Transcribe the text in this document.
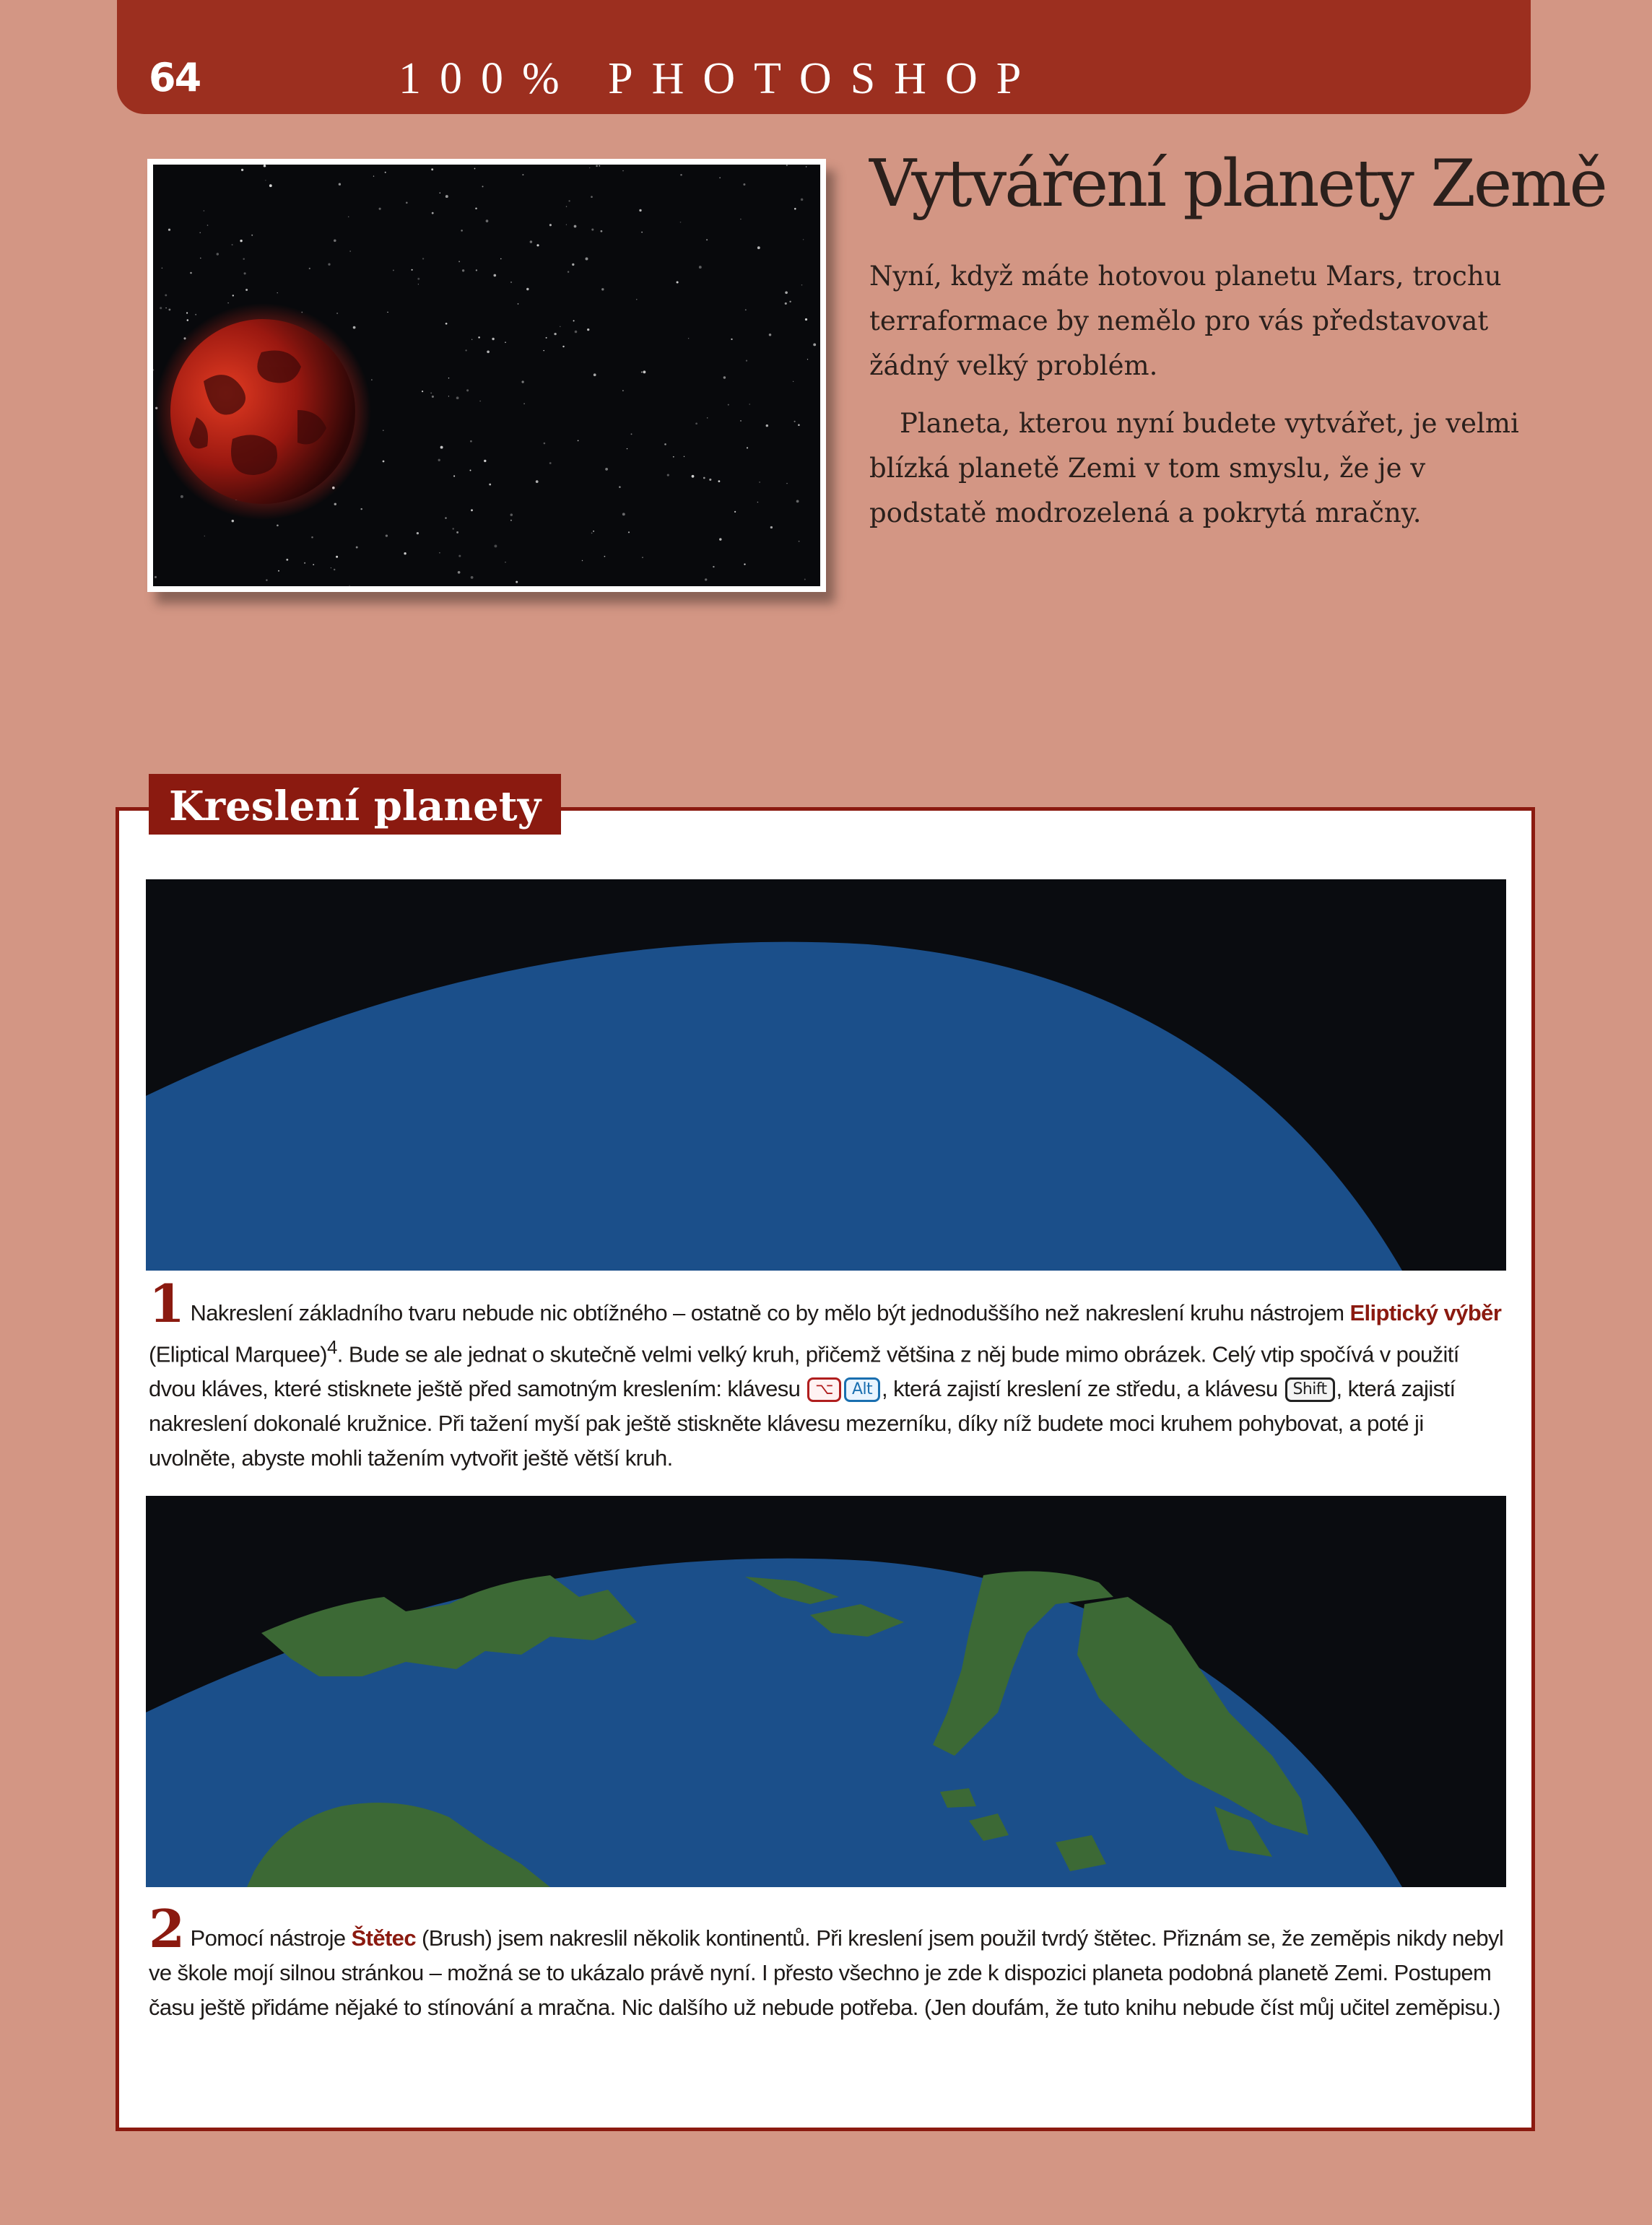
64	100% PHOTOSHOP
Vytváření planety Země

Nyní, když máte hotovou planetu Mars, trochu terraformace by nemělo pro vás představovat žádný velký problém.

Planeta, kterou nyní budete vytvářet, je velmi blízká planetě Zemi v tom smyslu, že je v podstatě modrozelená a pokrytá mračny.

Kreslení planety
1 Nakreslení základního tvaru nebude nic obtížného – ostatně co by mělo být jednoduššího než nakreslení kruhu nástrojem Eliptický výběr (Eliptical Marquee)$^4$. Bude se ale jednat o skutečně velmi velký kruh, přičemž většina z něj bude mimo obrázek. Celý vtip spočívá v použití dvou kláves, které stisknete ještě před samotným kreslením: klávesu ⌥ Alt , která zajistí kreslení ze středu, a klávesu Shift , která zajistí nakreslení dokonalé kružnice. Při tažení myší pak ještě stiskněte klávesu mezerníku, díky níž budete moci kruhem pohybovat, a poté ji uvolněte, abyste mohli tažením vytvořit ještě větší kruh.
2 Pomocí nástroje Štětec (Brush) jsem nakreslil několik kontinentů. Při kreslení jsem použil tvrdý štětec. Přiznám se, že zeměpis nikdy nebyl ve škole mojí silnou stránkou – možná se to ukázalo právě nyní. I přesto všechno je zde k dispozici planeta podobná planetě Zemi. Postupem času ještě přidáme nějaké to stínování a mračna. Nic dalšího už nebude potřeba. (Jen doufám, že tuto knihu nebude číst můj učitel zeměpisu.)
